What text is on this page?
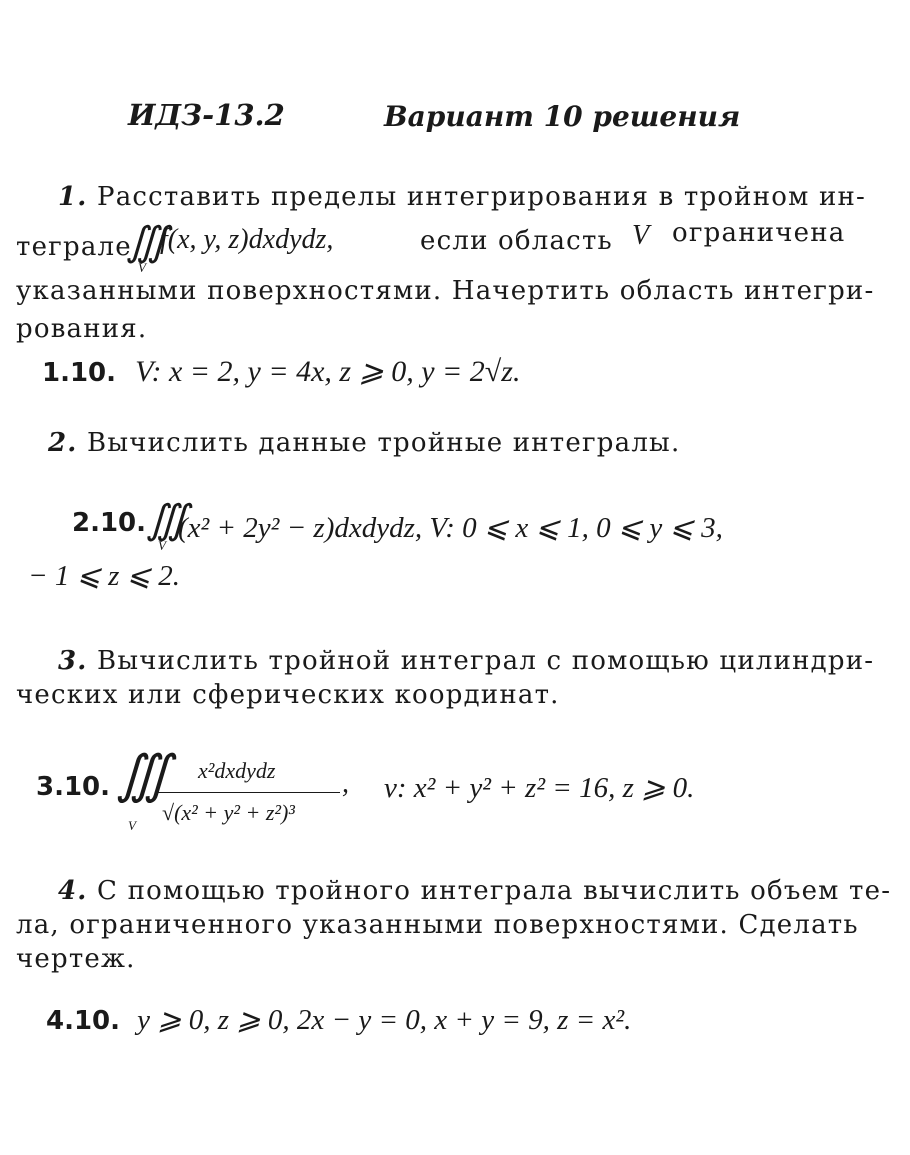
ИДЗ-13.2	Вариант 10 решения
1. Расставить пределы интегрирования в тройном ин-
теграле
∭
V
f(x, y, z)dxdydz,	если область V ограничена
указанными поверхностями. Начертить область интегри-
рования.
1.10. V: x = 2, y = 4x, z ⩾ 0, y = 2√z.
2. Вычислить данные тройные интегралы.
2.10. ∭
V
(x² + 2y² − z)dxdydz, V: 0 ⩽ x ⩽ 1, 0 ⩽ y ⩽ 3,
− 1 ⩽ z ⩽ 2.
3. Вычислить тройной интеграл с помощью цилиндри-
ческих или сферических координат.
3.10. ∭
V
x²dxdydz
√(x² + y² + z²)³
, v: x² + y² + z² = 16, z ⩾ 0.
4. С помощью тройного интеграла вычислить объем те-
ла, ограниченного указанными поверхностями. Сделать
чертеж.
4.10. y ⩾ 0, z ⩾ 0, 2x − y = 0, x + y = 9, z = x².
